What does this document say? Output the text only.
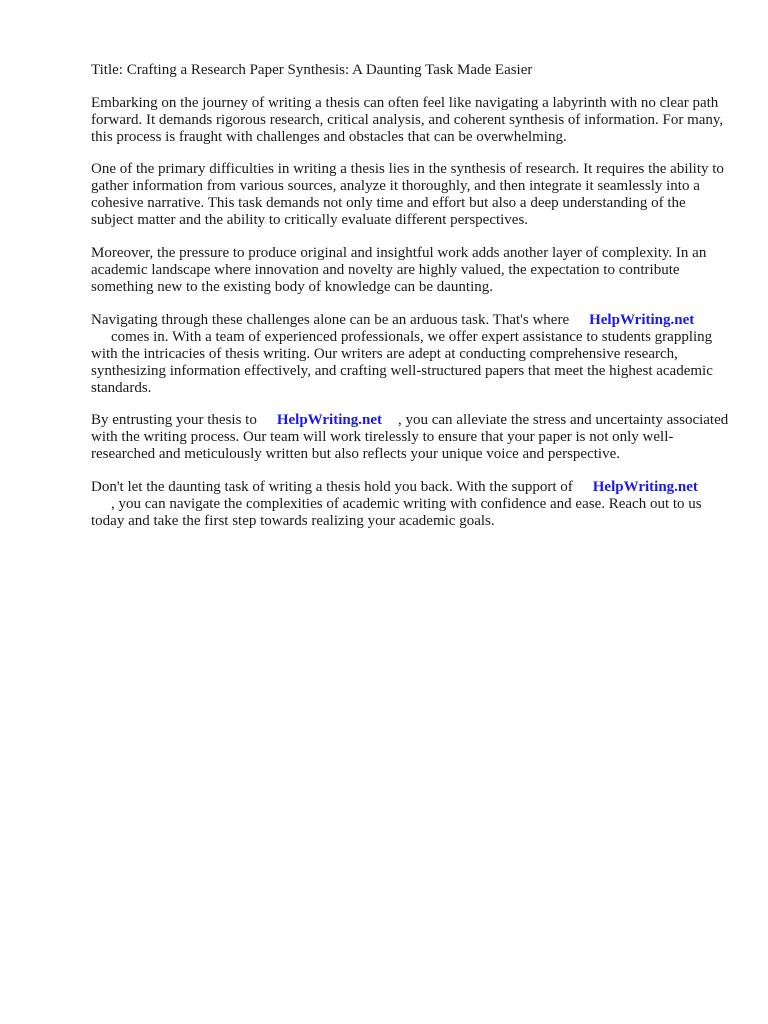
Title: Crafting a Research Paper Synthesis: A Daunting Task Made Easier

Embarking on the journey of writing a thesis can often feel like navigating a labyrinth with no clear path forward. It demands rigorous research, critical analysis, and coherent synthesis of information. For many, this process is fraught with challenges and obstacles that can be overwhelming.

One of the primary difficulties in writing a thesis lies in the synthesis of research. It requires the ability to gather information from various sources, analyze it thoroughly, and then integrate it seamlessly into a cohesive narrative. This task demands not only time and effort but also a deep understanding of the subject matter and the ability to critically evaluate different perspectives.

Moreover, the pressure to produce original and insightful work adds another layer of complexity. In an academic landscape where innovation and novelty are highly valued, the expectation to contribute something new to the existing body of knowledge can be daunting.

Navigating through these challenges alone can be an arduous task. That's where HelpWriting.net
comes in. With a team of experienced professionals, we offer expert assistance to students grappling with the intricacies of thesis writing. Our writers are adept at conducting comprehensive research, synthesizing information effectively, and crafting well-structured papers that meet the highest academic standards.

By entrusting your thesis to HelpWriting.net , you can alleviate the stress and uncertainty associated with the writing process. Our team will work tirelessly to ensure that your paper is not only well-researched and meticulously written but also reflects your unique voice and perspective.

Don't let the daunting task of writing a thesis hold you back. With the support of HelpWriting.net
, you can navigate the complexities of academic writing with confidence and ease. Reach out to us today and take the first step towards realizing your academic goals.
